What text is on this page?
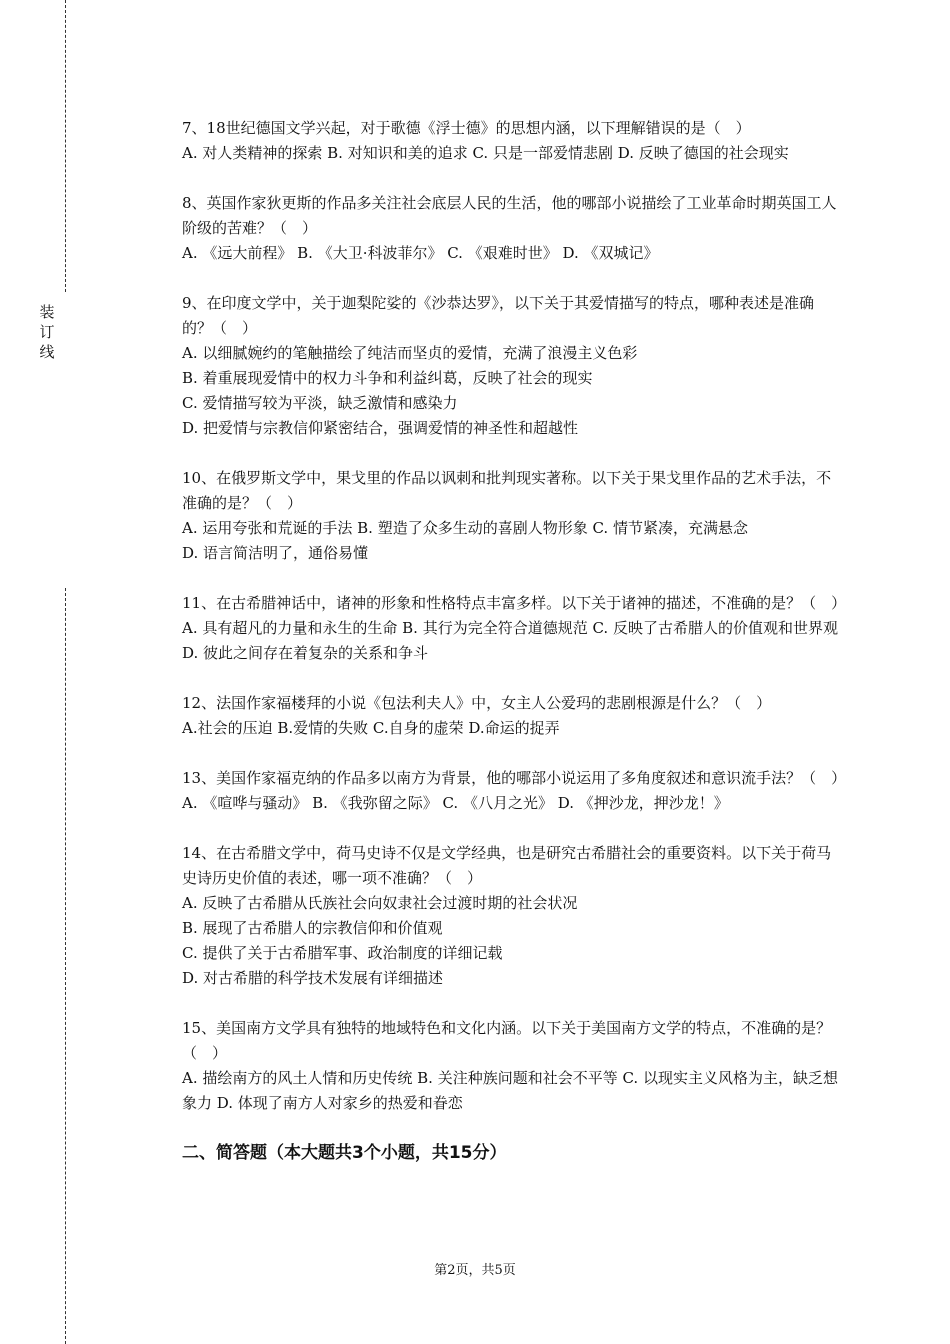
装
订
线

7、18世纪德国文学兴起，对于歌德《浮士德》的思想内涵，以下理解错误的是（　）

A. 对人类精神的探索 B. 对知识和美的追求 C. 只是一部爱情悲剧 D. 反映了德国的社会现实

8、英国作家狄更斯的作品多关注社会底层人民的生活，他的哪部小说描绘了工业革命时期英国工人阶级的苦难？（　）

A. 《远大前程》 B. 《大卫·科波菲尔》 C. 《艰难时世》 D. 《双城记》

9、在印度文学中，关于迦梨陀娑的《沙恭达罗》，以下关于其爱情描写的特点，哪种表述是准确的？（　）

A. 以细腻婉约的笔触描绘了纯洁而坚贞的爱情，充满了浪漫主义色彩

B. 着重展现爱情中的权力斗争和利益纠葛，反映了社会的现实

C. 爱情描写较为平淡，缺乏激情和感染力

D. 把爱情与宗教信仰紧密结合，强调爱情的神圣性和超越性

10、在俄罗斯文学中，果戈里的作品以讽刺和批判现实著称。以下关于果戈里作品的艺术手法，不准确的是？（　）

A. 运用夸张和荒诞的手法 B. 塑造了众多生动的喜剧人物形象 C. 情节紧凑，充满悬念

D. 语言简洁明了，通俗易懂

11、在古希腊神话中，诸神的形象和性格特点丰富多样。以下关于诸神的描述，不准确的是？（　）

A. 具有超凡的力量和永生的生命 B. 其行为完全符合道德规范 C. 反映了古希腊人的价值观和世界观 D. 彼此之间存在着复杂的关系和争斗

12、法国作家福楼拜的小说《包法利夫人》中，女主人公爱玛的悲剧根源是什么？（　）

A.社会的压迫 B.爱情的失败 C.自身的虚荣 D.命运的捉弄

13、美国作家福克纳的作品多以南方为背景，他的哪部小说运用了多角度叙述和意识流手法？（　）

A. 《喧哗与骚动》 B. 《我弥留之际》 C. 《八月之光》 D. 《押沙龙，押沙龙！》

14、在古希腊文学中，荷马史诗不仅是文学经典，也是研究古希腊社会的重要资料。以下关于荷马史诗历史价值的表述，哪一项不准确？（　）

A. 反映了古希腊从氏族社会向奴隶社会过渡时期的社会状况

B. 展现了古希腊人的宗教信仰和价值观

C. 提供了关于古希腊军事、政治制度的详细记载

D. 对古希腊的科学技术发展有详细描述

15、美国南方文学具有独特的地域特色和文化内涵。以下关于美国南方文学的特点，不准确的是？（　）

A. 描绘南方的风土人情和历史传统 B. 关注种族问题和社会不平等 C. 以现实主义风格为主，缺乏想象力 D. 体现了南方人对家乡的热爱和眷恋

二、简答题（本大题共3个小题，共15分）
第2页，共5页
